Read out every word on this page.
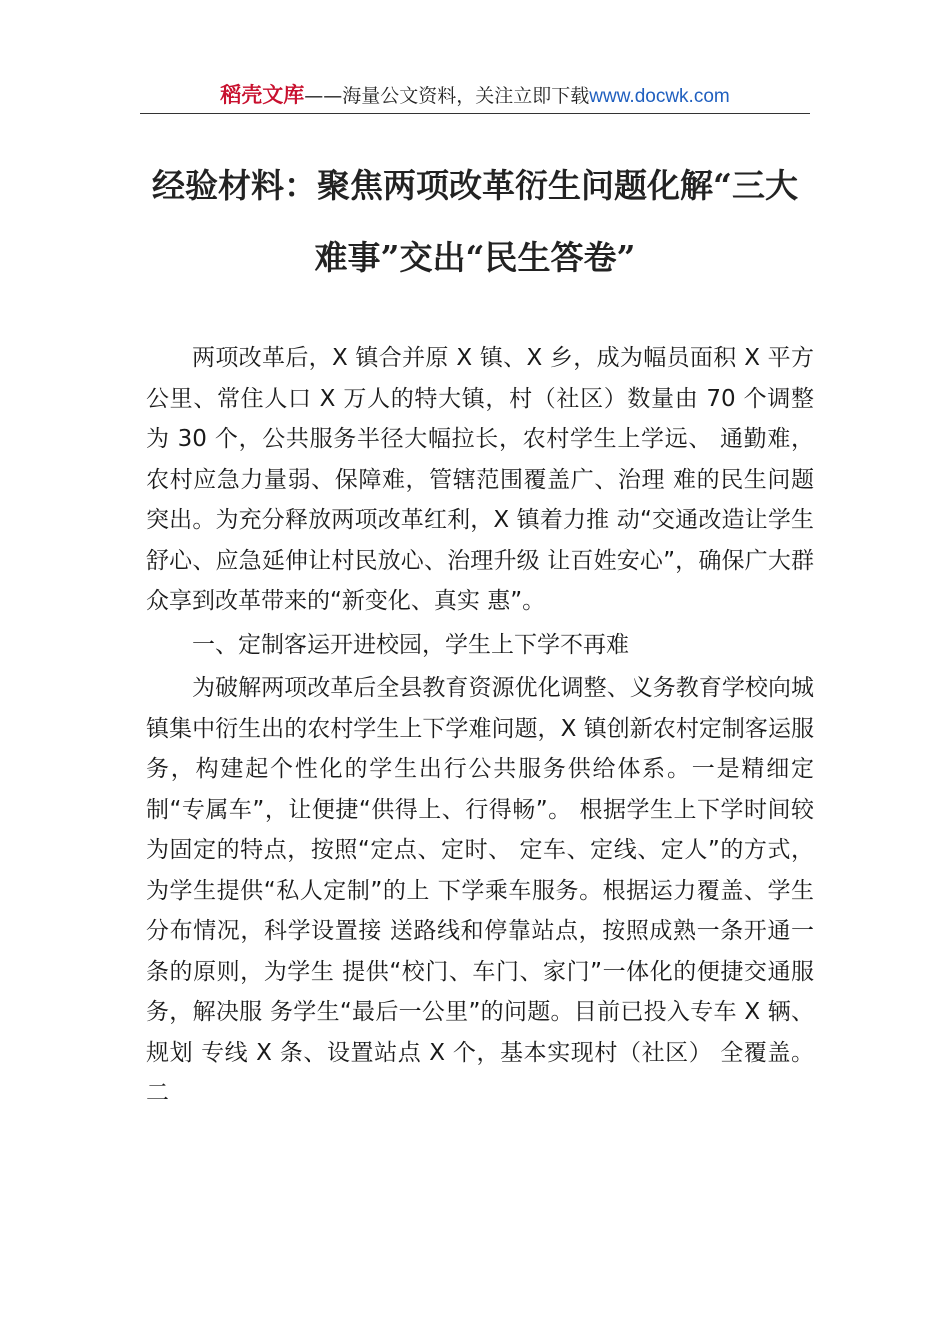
稻壳文库——海量公文资料，关注立即下载www.docwk.com
经验材料：聚焦两项改革衍生问题化解“三大难事”交出“民生答卷”

两项改革后，X 镇合并原 X 镇、X 乡，成为幅员面积 X 平方公里、常住人口 X 万人的特大镇，村（社区）数量由 70 个调整为 30 个，公共服务半径大幅拉长，农村学生上学远、 通勤难，农村应急力量弱、保障难，管辖范围覆盖广、治理 难的民生问题突出。为充分释放两项改革红利，X 镇着力推 动“交通改造让学生舒心、应急延伸让村民放心、治理升级 让百姓安心”，确保广大群众享到改革带来的“新变化、真实 惠”。

一、定制客运开进校园，学生上下学不再难

为破解两项改革后全县教育资源优化调整、义务教育学校向城镇集中衍生出的农村学生上下学难问题，X 镇创新农村定制客运服务，构建起个性化的学生出行公共服务供给体系。一是精细定制“专属车”，让便捷“供得上、行得畅”。 根据学生上下学时间较为固定的特点，按照“定点、定时、 定车、定线、定人”的方式，为学生提供“私人定制”的上 下学乘车服务。根据运力覆盖、学生分布情况，科学设置接 送路线和停靠站点，按照成熟一条开通一条的原则，为学生 提供“校门、车门、家门”一体化的便捷交通服务，解决服 务学生“最后一公里”的问题。目前已投入专车 X 辆、规划 专线 X 条、设置站点 X 个，基本实现村（社区） 全覆盖。二
